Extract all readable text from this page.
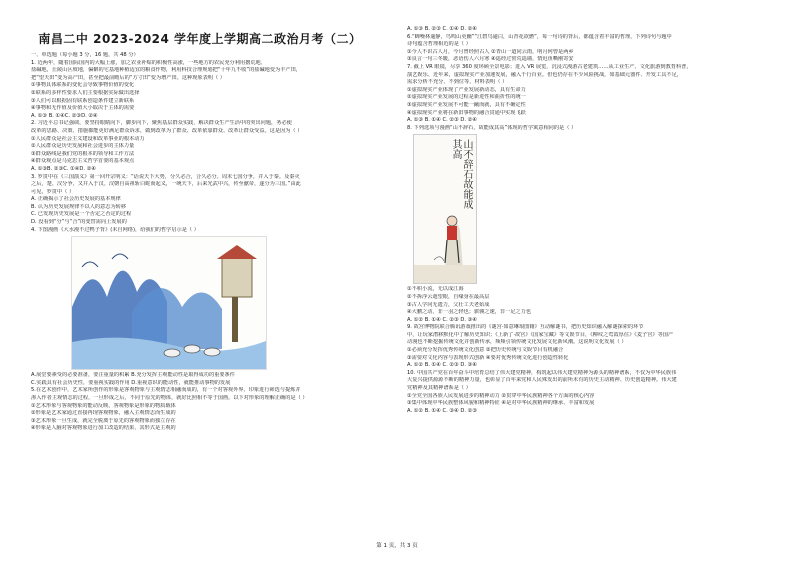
南昌二中 2023-2024 学年度上学期高二政治月考（二）
一、单选题（每小题 3 分，16 题，共 48 分）
1. 近两年，随着国际国内的大幅上涨，加之农业补贴的积极性高涨，一些地方的农民充分利用撂荒地、
盐碱地，丘陵山区坡地，偏僻的宅基地种植适宜的粮食作物，利用科技合理规划把“十年九不收”的盐碱地变为丰产田，
把“望天田”变为高产田，甚至把最前瞻后的“方寸田”变为增产田。这种现象表明（ ）
①事物具体联系的变化会导致事物价值的变化
②联系的多样性要求人们主要根据实际做出选择
③人们可以根据固有联系创造条件建立新联系
④事物和无作值及价值大小取决于主体的需要
A. ①③ B. ①④C. ②③D. ②④
2. 习近平总书记强调，要坚持眼睛向下，脚步向下，聚焦基层群众实践，解决群众生产生活中的突出问题，务必使
改革的思路、决策、措施都能更好满足群众诉求，做到改革为了群众、改革依靠群众、改革让群众受益。这是因为（ ）
①人民群众是社会主义建设和改革事业的根本动力
②人民群众是历史发展和社会进步的主体力量
③群众路线是我们党的根本的领导和工作方法
④群众观点是马克思主义哲学首要的基本观点
A. ①③B. ②③C. ①④D. ②④
3. 罗贯中在《三国演义》第一回开宗明义：“话说天下大势，分久必合，合久必分。周末七国分争，并入于秦。及秦灭
之后，楚、汉分争，又并入于汉。汉朝自高祖斩白蛇而起义，一统天下，后来光武中兴，传至献帝，遂分为三国。”由此
可见，罗贯中（ ）
A. 正确揭示了社会历史发展的基本规律
B. 认为历史发展规律不以人的意志为转移
C. 已发现历史发展是一个否定之否定的过程
D. 没看到“分”与“合”的变替需向上发展的
4. 下图漫画《大水漫不过鸭子背》(未自网络)，给我们的哲学启示是（ ）
A.展堂要素受的必要准备，要注重量的积累 B.充分发挥主观能动性是取得成功的重要条件
C.实践具有社会历史性，要重视实践的作用 D.重视意识的能动性，就能推动事物的发展
5.在艺术创作中，艺术家所创作的形象是客观物象与主观情志相融而成的，有一个对客观外界、印象进行筛选与提炼并
渗入作者主观情志的过程，一旦形成之后，不同于原先的物体，就好比照相不等于国画。以下对形象的理解正确的是（ ）
①艺术形象与客观物象的能动反映，客观物象是形象的物质载体
②形象是艺术家通过直接再现客观物象，融入主观情志而生成的
③艺术形象一旦生成，就完全脱离于原先的客观物象而独立存在
④形象是人脑对客观物象进行加工改造的结果，其形式是主观的
A. ①③ B. ②③ C. ①④ D. ②④
6.“蝉噪林逾静，鸟鸣山更幽”“江碧鸟逾白，山青花欲燃”，每一句诗的背后，都蕴含着丰富的哲理，下列诗句与题中
诗句蕴含哲理相近的是（ ）
①今人不识古人月，今月曾经照古人 ②青山一道同云雨，明月何曾是两乡
③良言一句三冬暖，恶语伤人六月寒 ④遥经过密荒遥墙，情迟鱼嘶刚寄安
7. 截上 VR 眼镜，尽享 360 度环顾全景电影；进入 VR 展览，沉浸式漫游古老建筑……从工业生产、文化旅游到教育科普，
演艺娱乐、近年来，虚拟现实产业加速发展，融入千行百业。但也仍存在不少风险挑战，如基础元器件、开发工具不足，
需求分析不充分、不到位等，材料表明（ ）
①虚拟现实产业体现了产业发展新动态，具有生命力
②虚拟现实产业发展的过程是新进性和曲折性的统一
③虚拟现实产业发展不可能一蹴而就，具有不确定性
④虚拟现实产业将在新旧事物的融合贯通中实现飞跃
A. ①③ B. ①④ C. ②③ D. ②④
8. 下列选项与漫画“山不辞石，故能成其高”体现的哲学寓意相同的是（ ）
山不辞石故能成其高
①不积小流，无以成江海
②不拆浮云遮望眼，自缘身在最高层
③古人学问无遗力，父壮工夫老始成
④大鹏之动，非一羽之轻也；骐骥之速，非一足之力也
A. ①② B. ①④ C. ②③ D. ③④
9. 故宫博物院联合腾讯游戏推出的《谜宫·如意琳琅图籍》互动解谜书，把历史知识融入解谜探索的环节
中，让玩家潜移默化中了解历史知识；《上新了·故宫》《国家宝藏》等文娱节目，《柳纹之莺霞厚住》《麦子宫》等国产
动漫也不断挖掘传统文化并创新传承，频频引领传统文化发展文化新风潮。这说明文化发展（ ）
①必须充分发挥优秀传统文化创意 ②把历史传统与文娱节目有机融合
③需要对文化内容与表现形式创新 ④要对优秀传统文化进行创造性转化
A. ①② B. ①④ C. ②③ D. ③④
10. 中国共产党在百年奋斗中培育总结了伟大建党精神，构筑起以伟大建党精神为源头的精神谱系，不仅为中华民族伟
大复兴提供源源不断的精神力量，也彰显了百年来党和人民殊发出的前所未有的历史主动精神、历史创造精神。伟大建
党精神及其精神谱系是（ ）
①全党全国各族人民发展进步的精神动力 ②贯穿中华民族精神各个方面的核心内容
③集中体现中华民族整体风貌和精神特征 ④是对中华民族精神的继承、丰富和发展
A. ①② B. ①④ C. ③④ D. ②③
第 1 页，共 3 页
